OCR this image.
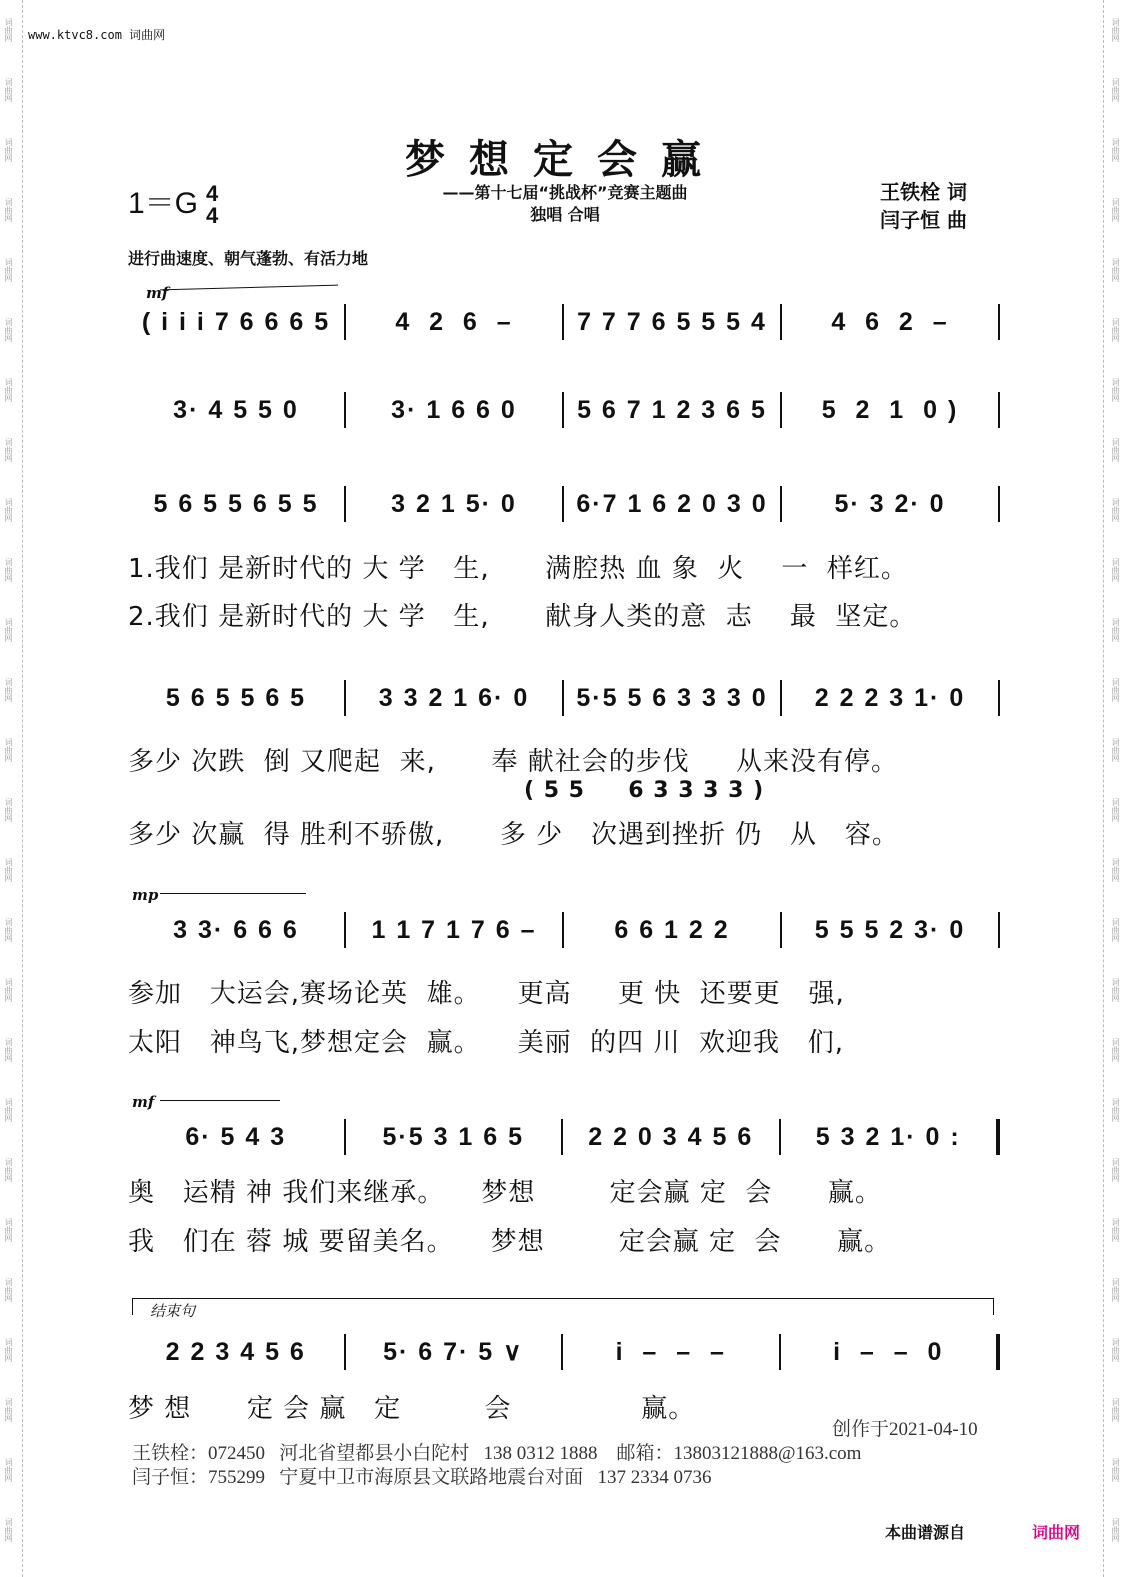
词曲网
词曲网
词曲网
词曲网
词曲网
词曲网
词曲网
词曲网
词曲网
词曲网
词曲网
词曲网
词曲网
词曲网
词曲网
词曲网
词曲网
词曲网
词曲网
词曲网
词曲网
词曲网
词曲网
词曲网
词曲网
词曲网
词曲网
词曲网
词曲网
词曲网
词曲网
词曲网
词曲网
词曲网
词曲网
词曲网
词曲网
词曲网
词曲网
词曲网
词曲网
词曲网
词曲网
词曲网
词曲网
词曲网
词曲网
词曲网
词曲网
词曲网
词曲网
词曲网
www.ktvc8.com 词曲网
梦想定会赢
1＝G 4
4
——第十七届“挑战杯”竞赛主题曲
独唱 合唱
王铁栓 词
闫子恒 曲
进行曲速度、朝气蓬勃、有活力地
mf
mp
mf
( i i i 7 6 6 6 5	4  2  6  –	7 7 7 6 5 5 5 4	4  6  2  –
3· 4 5 5 0	3· 1 6 6 0	5 6 7 1 2 3 6 5	5  2  1  0 )
5 6 5 5 6 5 5	3 2 1 5· 0	6·7 1 6 2 0 3 0	5· 3 2· 0
5 6 5 5 6 5	3 3 2 1 6· 0	5·5 5 6 3 3 3 0	2 2 2 3 1· 0
3 3· 6 6 6	1 1 7 1 7 6 –	6 6 1 2 2	5 5 5 2 3· 0
6· 5 4 3	5·5 3 1 6 5	2 2 0 3 4 5 6	5 3 2 1· 0 :
2 2 3 4 5 6	5· 6 7· 5 ∨	i  –  –  –	i  –  –  0
1.我们 是新时代的 大 学   生,      满腔热 血 象  火    一  样红。
2.我们 是新时代的 大 学   生,      献身人类的意  志    最  坚定。
多少 次跌  倒 又爬起  来,      奉 献社会的步伐     从来没有停。
( 5 5     6 3 3 3 3 )
多少 次赢  得 胜利不骄傲,      多 少   次遇到挫折 仍   从   容。
参加   大运会,赛场论英  雄。    更高     更 快  还要更   强,
太阳   神鸟飞,梦想定会  赢。    美丽  的四 川  欢迎我   们,
奥   运精 神 我们来继承。    梦想        定会赢 定  会      赢。
我   们在 蓉 城 要留美名。    梦想        定会赢 定  会      赢。
结束句
梦 想      定 会 赢   定         会              赢。
创作于2021-04-10
王铁栓：072450   河北省望都县小白陀村   138 0312 1888    邮箱：13803121888@163.com
闫子恒：755299   宁夏中卫市海原县文联路地震台对面   137 2334 0736
本曲谱源自	词曲网
